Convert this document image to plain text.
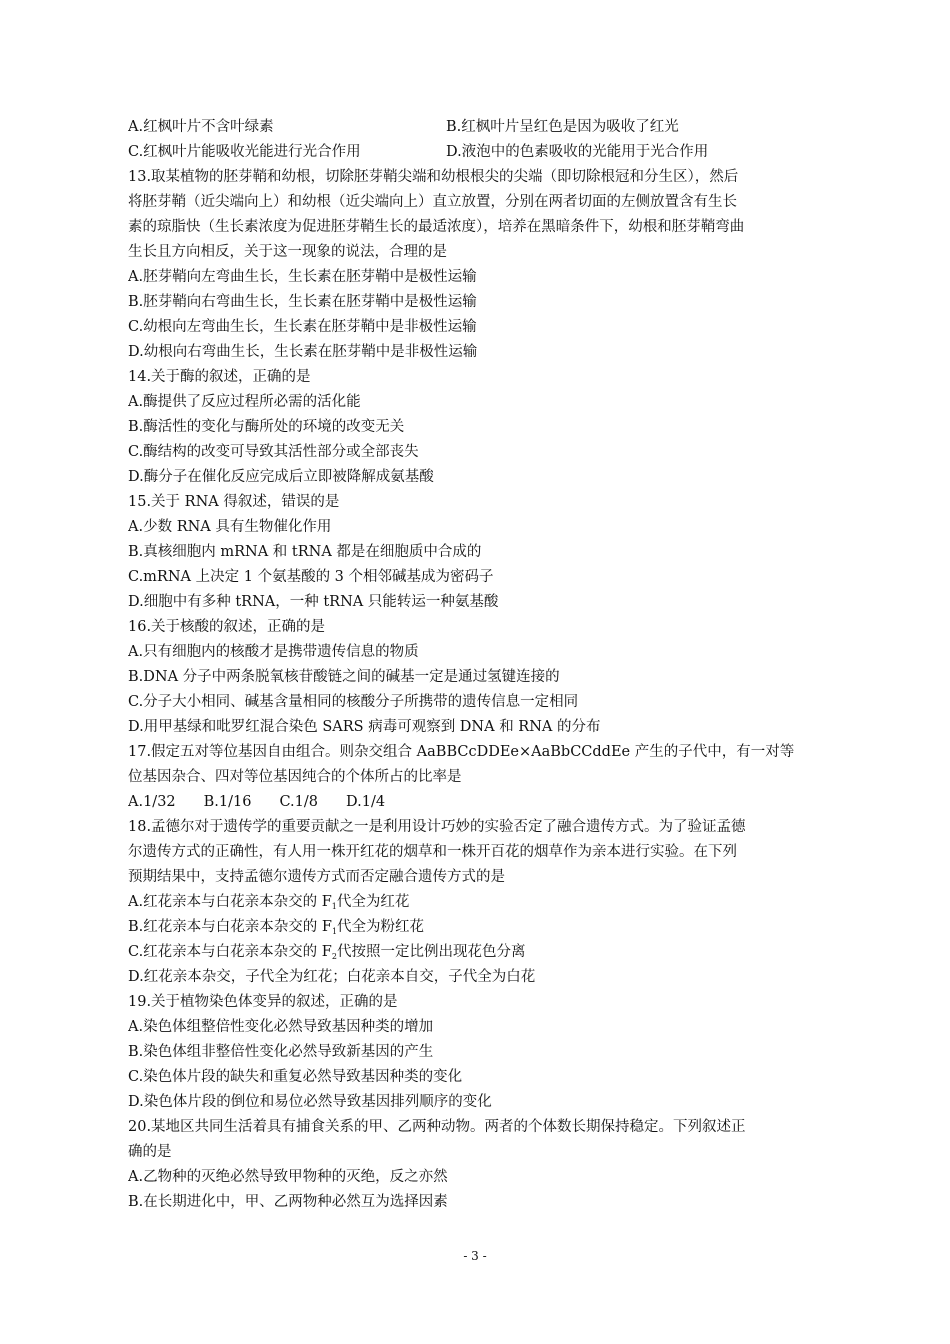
A.红枫叶片不含叶绿素	B.红枫叶片呈红色是因为吸收了红光
C.红枫叶片能吸收光能进行光合作用	D.液泡中的色素吸收的光能用于光合作用
13.取某植物的胚芽鞘和幼根，切除胚芽鞘尖端和幼根根尖的尖端（即切除根冠和分生区），然后
将胚芽鞘（近尖端向上）和幼根（近尖端向上）直立放置，分别在两者切面的左侧放置含有生长
素的琼脂快（生长素浓度为促进胚芽鞘生长的最适浓度），培养在黑暗条件下，幼根和胚芽鞘弯曲
生长且方向相反，关于这一现象的说法，合理的是
A.胚芽鞘向左弯曲生长，生长素在胚芽鞘中是极性运输
B.胚芽鞘向右弯曲生长，生长素在胚芽鞘中是极性运输
C.幼根向左弯曲生长，生长素在胚芽鞘中是非极性运输
D.幼根向右弯曲生长，生长素在胚芽鞘中是非极性运输
14.关于酶的叙述，正确的是
A.酶提供了反应过程所必需的活化能
B.酶活性的变化与酶所处的环境的改变无关
C.酶结构的改变可导致其活性部分或全部丧失
D.酶分子在催化反应完成后立即被降解成氨基酸
15.关于 RNA 得叙述，错误的是
A.少数 RNA 具有生物催化作用
B.真核细胞内 mRNA 和 tRNA 都是在细胞质中合成的
C.mRNA 上决定 1 个氨基酸的 3 个相邻碱基成为密码子
D.细胞中有多种 tRNA，一种 tRNA 只能转运一种氨基酸
16.关于核酸的叙述，正确的是
A.只有细胞内的核酸才是携带遗传信息的物质
B.DNA 分子中两条脱氧核苷酸链之间的碱基一定是通过氢键连接的
C.分子大小相同、碱基含量相同的核酸分子所携带的遗传信息一定相同
D.用甲基绿和吡罗红混合染色 SARS 病毒可观察到 DNA 和 RNA 的分布
17.假定五对等位基因自由组合。则杂交组合 AaBBCcDDEe×AaBbCCddEe 产生的子代中，有一对等
位基因杂合、四对等位基因纯合的个体所占的比率是
A.1/32 B.1/16 C.1/8 D.1/4
18.孟德尔对于遗传学的重要贡献之一是利用设计巧妙的实验否定了融合遗传方式。为了验证孟德
尔遗传方式的正确性，有人用一株开红花的烟草和一株开百花的烟草作为亲本进行实验。在下列
预期结果中，支持孟德尔遗传方式而否定融合遗传方式的是
A.红花亲本与白花亲本杂交的 $F_1$代全为红花
B.红花亲本与白花亲本杂交的 $F_1$代全为粉红花
C.红花亲本与白花亲本杂交的 $F_2$代按照一定比例出现花色分离
D.红花亲本杂交，子代全为红花；白花亲本自交，子代全为白花
19.关于植物染色体变异的叙述，正确的是
A.染色体组整倍性变化必然导致基因种类的增加
B.染色体组非整倍性变化必然导致新基因的产生
C.染色体片段的缺失和重复必然导致基因种类的变化
D.染色体片段的倒位和易位必然导致基因排列顺序的变化
20.某地区共同生活着具有捕食关系的甲、乙两种动物。两者的个体数长期保持稳定。下列叙述正
确的是
A.乙物种的灭绝必然导致甲物种的灭绝，反之亦然
B.在长期进化中，甲、乙两物种必然互为选择因素
- 3 -
